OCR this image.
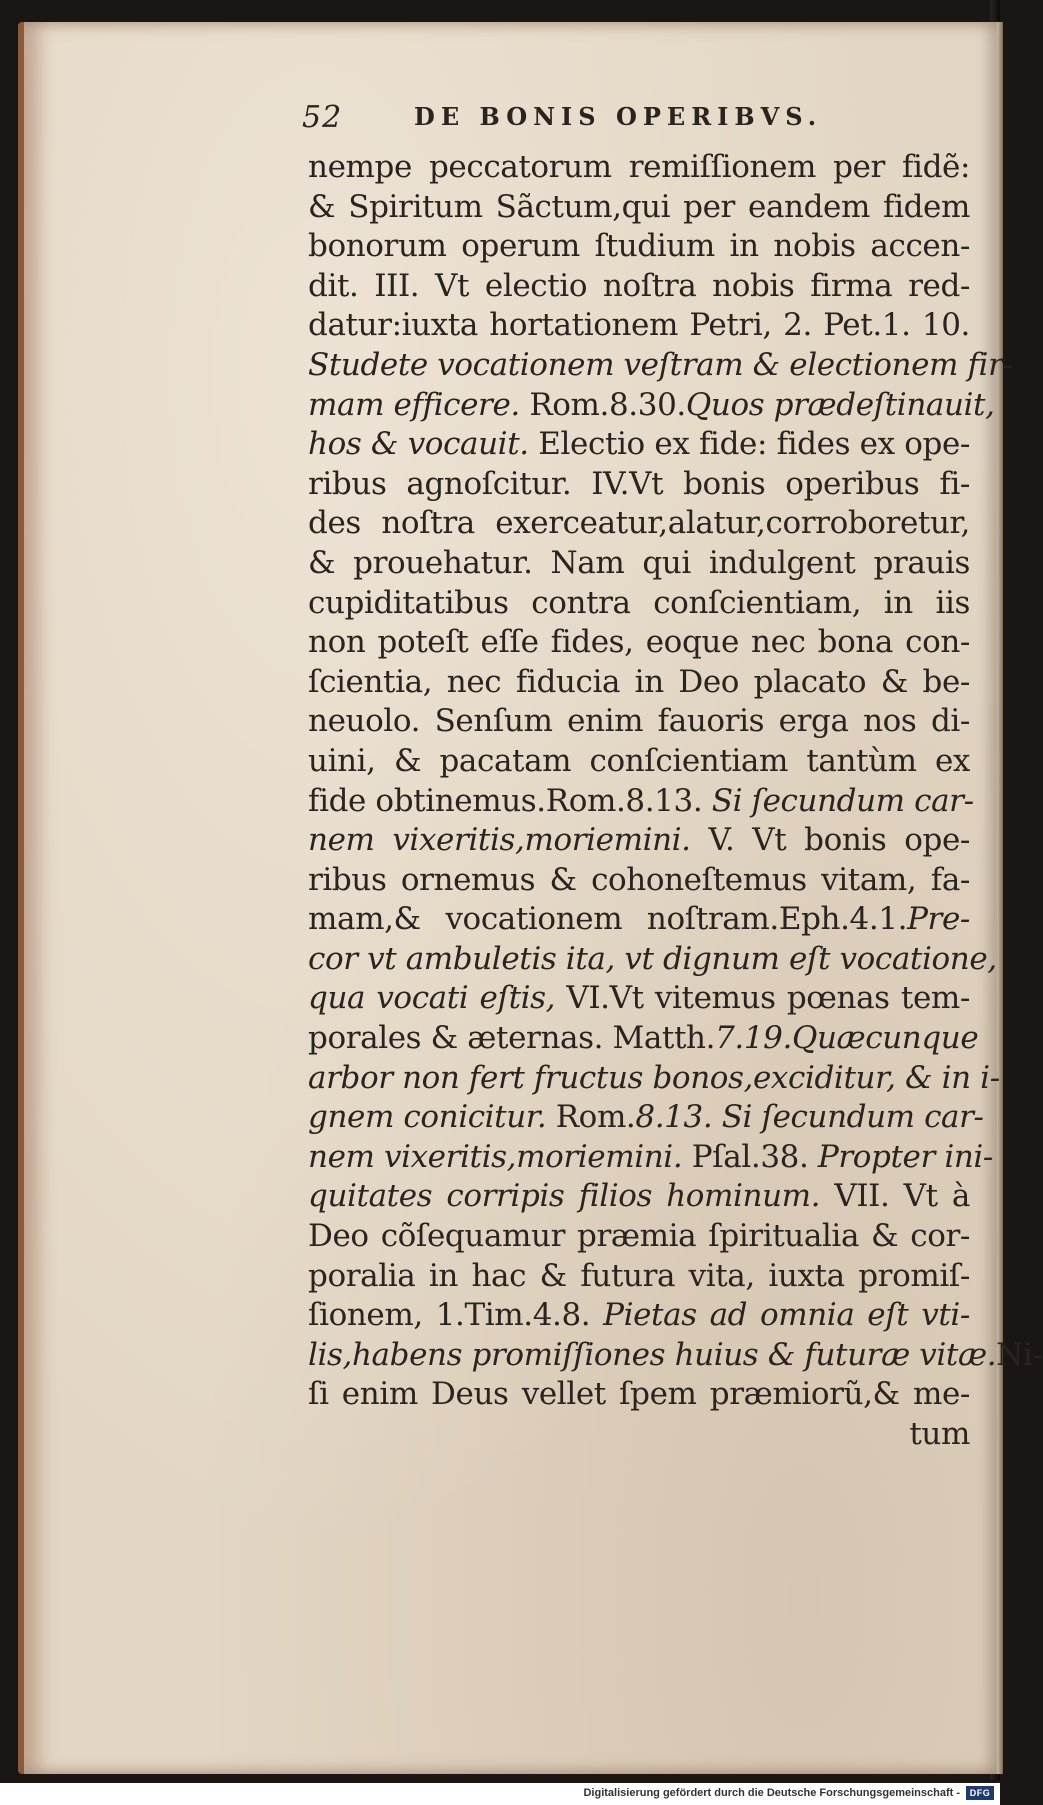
52	DE BONIS OPERIBVS.
nempe peccatorum remiſſionem per fidẽ:
& Spiritum Sãctum,qui per eandem fidem
bonorum operum ſtudium in nobis accen-
dit. III. Vt electio noſtra nobis firma red-
datur:iuxta hortationem Petri, 2. Pet.1. 10.
Studete vocationem veſtram & electionem fir-
mam efficere. Rom.8.30.Quos prædeſtinauit,
hos & vocauit. Electio ex fide: fides ex ope-
ribus agnoſcitur. IV.Vt bonis operibus fi-
des noſtra exerceatur,alatur,corroboretur,
& prouehatur. Nam qui indulgent prauis
cupiditatibus contra conſcientiam, in iis
non poteſt eſſe fides, eoque nec bona con-
ſcientia, nec fiducia in Deo placato & be-
neuolo. Senſum enim fauoris erga nos di-
uini, & pacatam conſcientiam tantùm ex
fide obtinemus.Rom.8.13. Si ſecundum car-
nem vixeritis,moriemini. V. Vt bonis ope-
ribus ornemus & cohoneſtemus vitam, fa-
mam,& vocationem noſtram.Eph.4.1.Pre-
cor vt ambuletis ita, vt dignum eſt vocatione,
qua vocati eſtis, VI.Vt vitemus pœnas tem-
porales & æternas. Matth.7.19.Quæcunque
arbor non fert fructus bonos,exciditur, & in i-
gnem conicitur. Rom.8.13. Si ſecundum car-
nem vixeritis,moriemini. Pſal.38. Propter ini-
quitates corripis filios hominum. VII. Vt à
Deo cõſequamur præmia ſpiritualia & cor-
poralia in hac & futura vita, iuxta promiſ-
ſionem, 1.Tim.4.8. Pietas ad omnia eſt vti-
lis,habens promiſſiones huius & futuræ vitæ.Ni-
ſi enim Deus vellet ſpem præmiorũ,& me-
tum
Digitalisierung gefördert durch die Deutsche Forschungsgemeinschaft -	DFG
